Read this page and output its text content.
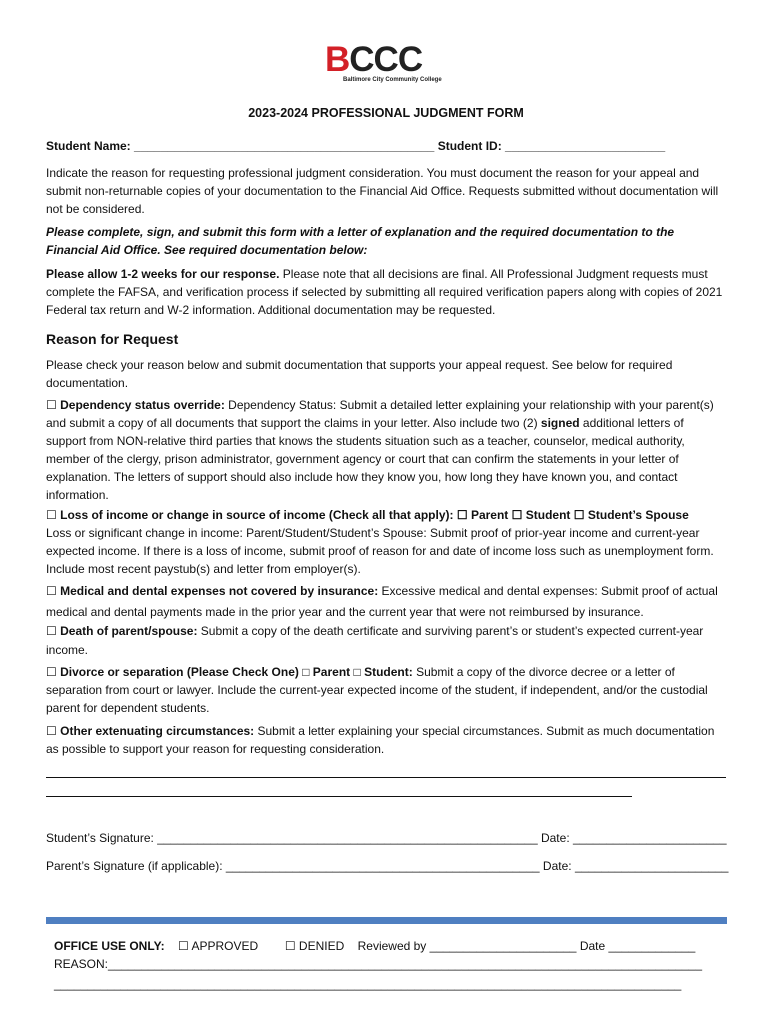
B CCC
Baltimore City Community College
2023-2024 PROFESSIONAL JUDGMENT FORM
Student Name: _____________________________________________ Student ID: ________________________
Indicate the reason for requesting professional judgment consideration. You must document the reason for your appeal and submit non-returnable copies of your documentation to the Financial Aid Office. Requests submitted without documentation will not be considered.
Please complete, sign, and submit this form with a letter of explanation and the required documentation to the Financial Aid Office. See required documentation below:
Please allow 1-2 weeks for our response. Please note that all decisions are final. All Professional Judgment requests must complete the FAFSA, and verification process if selected by submitting all required verification papers along with copies of 2021 Federal tax return and W-2 information. Additional documentation may be requested.
Reason for Request
Please check your reason below and submit documentation that supports your appeal request. See below for required documentation.
☐ Dependency status override: Dependency Status: Submit a detailed letter explaining your relationship with your parent(s) and submit a copy of all documents that support the claims in your letter. Also include two (2) signed additional letters of support from NON-relative third parties that knows the students situation such as a teacher, counselor, medical authority, member of the clergy, prison administrator, government agency or court that can confirm the statements in your letter of explanation. The letters of support should also include how they know you, how long they have known you, and contact information.
☐ Loss of income or change in source of income (Check all that apply): ☐ Parent ☐ Student ☐ Student’s Spouse
Loss or significant change in income: Parent/Student/Student’s Spouse: Submit proof of prior-year income and current-year expected income. If there is a loss of income, submit proof of reason for and date of income loss such as unemployment form. Include most recent paystub(s) and letter from employer(s).
☐ Medical and dental expenses not covered by insurance: Excessive medical and dental expenses: Submit proof of actual medical and dental payments made in the prior year and the current year that were not reimbursed by insurance.
☐ Death of parent/spouse: Submit a copy of the death certificate and surviving parent’s or student’s expected current-year income.
☐ Divorce or separation (Please Check One) □ Parent □ Student: Submit a copy of the divorce decree or a letter of separation from court or lawyer. Include the current-year expected income of the student, if independent, and/or the custodial parent for dependent students.
☐ Other extenuating circumstances: Submit a letter explaining your special circumstances. Submit as much documentation as possible to support your reason for requesting consideration.
Student’s Signature: _________________________________________________________ Date: _______________________
Parent’s Signature (if applicable): _______________________________________________ Date: _______________________
OFFICE USE ONLY: ☐ APPROVED ☐ DENIED Reviewed by ______________________ Date _____________
REASON:_________________________________________________________________________________________
______________________________________________________________________________________________
